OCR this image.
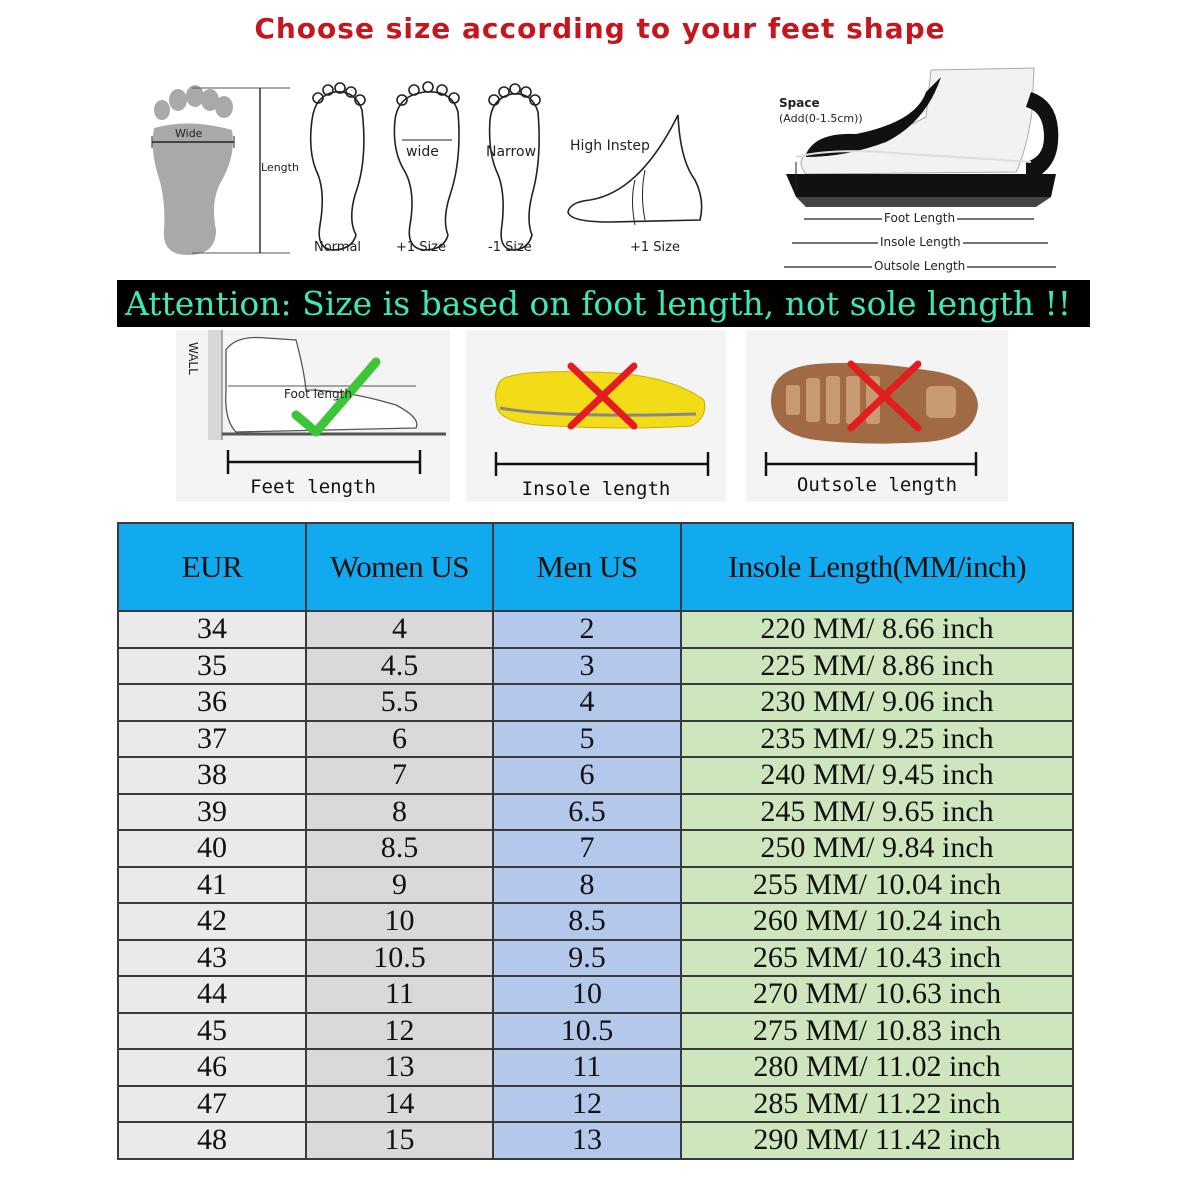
Choose size according to your feet shape
Wide
Length
wide	Narrow High Instep
Normal	+1 Size	-1 Size	+1 Size
Space
(Add(0-1.5cm))
Foot Length
Insole Length
Outsole Length
Attention: Size is based on foot length, not sole length !!
WALL
Foot length
Feet length	Insole length	Outsole length
EUR	Women US	Men US	Insole Length(MM/inch)
34	4	2	220 MM/ 8.66 inch
35	4.5	3	225 MM/ 8.86 inch
36	5.5	4	230 MM/ 9.06 inch
37	6	5	235 MM/ 9.25 inch
38	7	6	240 MM/ 9.45 inch
39	8	6.5	245 MM/ 9.65 inch
40	8.5	7	250 MM/ 9.84 inch
41	9	8	255 MM/ 10.04 inch
42	10	8.5	260 MM/ 10.24 inch
43	10.5	9.5	265 MM/ 10.43 inch
44	11	10	270 MM/ 10.63 inch
45	12	10.5	275 MM/ 10.83 inch
46	13	11	280 MM/ 11.02 inch
47	14	12	285 MM/ 11.22 inch
48	15	13	290 MM/ 11.42 inch
